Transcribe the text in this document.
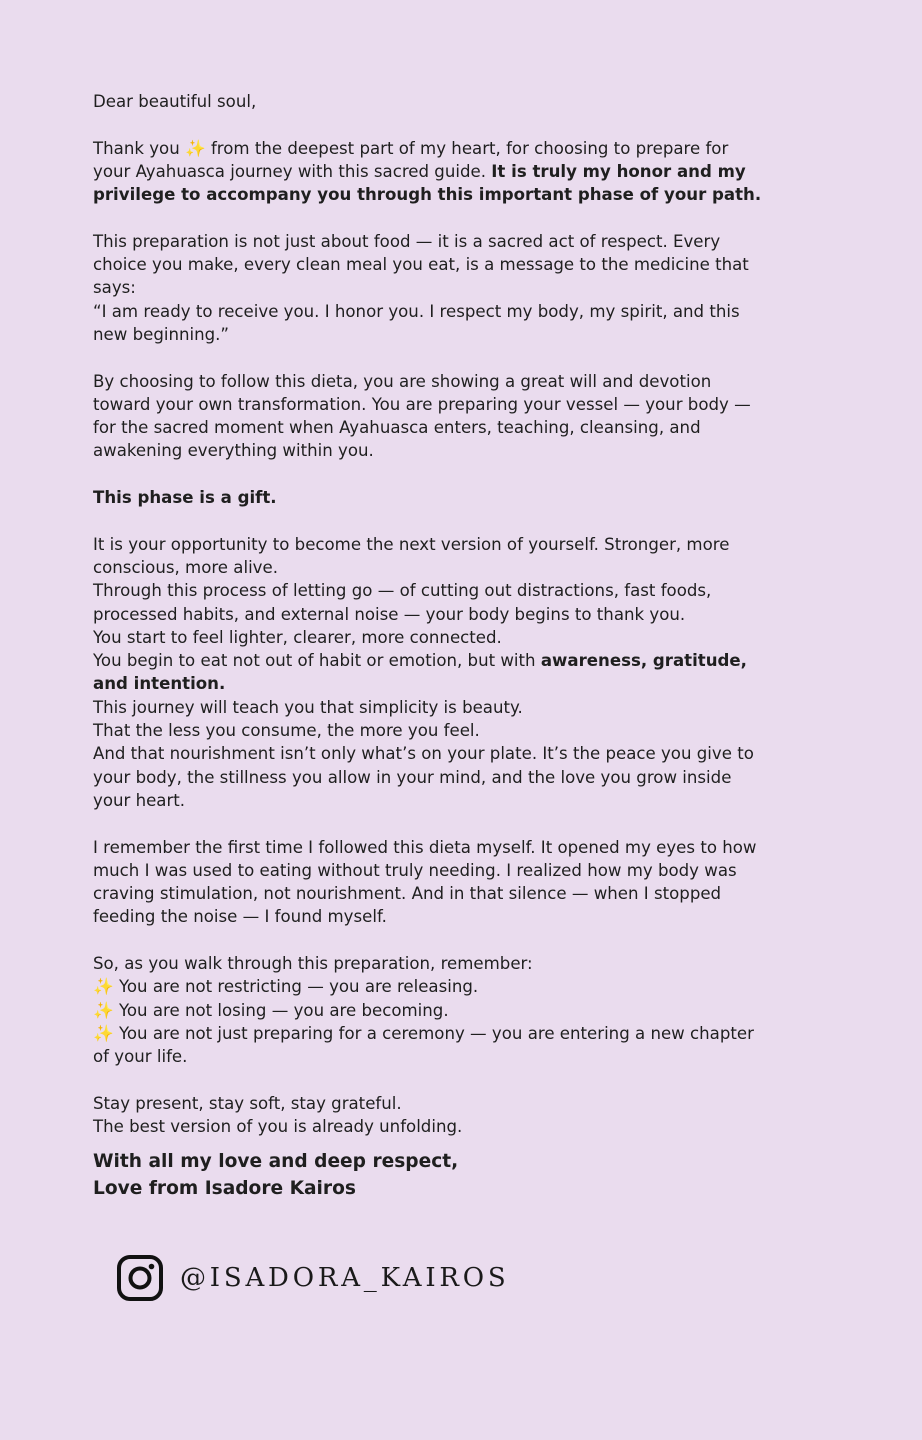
Dear beautiful soul,

Thank you ✨ from the deepest part of my heart, for choosing to prepare for your Ayahuasca journey with this sacred guide. It is truly my honor and my privilege to accompany you through this important phase of your path.

This preparation is not just about food — it is a sacred act of respect. Every choice you make, every clean meal you eat, is a message to the medicine that says:

“I am ready to receive you. I honor you. I respect my body, my spirit, and this new beginning.”

By choosing to follow this dieta, you are showing a great will and devotion toward your own transformation. You are preparing your vessel — your body — for the sacred moment when Ayahuasca enters, teaching, cleansing, and awakening everything within you.

This phase is a gift.

It is your opportunity to become the next version of yourself. Stronger, more conscious, more alive.

Through this process of letting go — of cutting out distractions, fast foods, processed habits, and external noise — your body begins to thank you.

You start to feel lighter, clearer, more connected.

You begin to eat not out of habit or emotion, but with awareness, gratitude, and intention.

This journey will teach you that simplicity is beauty.

That the less you consume, the more you feel.

And that nourishment isn’t only what’s on your plate. It’s the peace you give to your body, the stillness you allow in your mind, and the love you grow inside your heart.

I remember the first time I followed this dieta myself. It opened my eyes to how much I was used to eating without truly needing. I realized how my body was craving stimulation, not nourishment. And in that silence — when I stopped feeding the noise — I found myself.

So, as you walk through this preparation, remember:

✨ You are not restricting — you are releasing.

✨ You are not losing — you are becoming.

✨ You are not just preparing for a ceremony — you are entering a new chapter of your life.

Stay present, stay soft, stay grateful.

The best version of you is already unfolding.

With all my love and deep respect,

Love from Isadore Kairos

@ISADORA_KAIROS
